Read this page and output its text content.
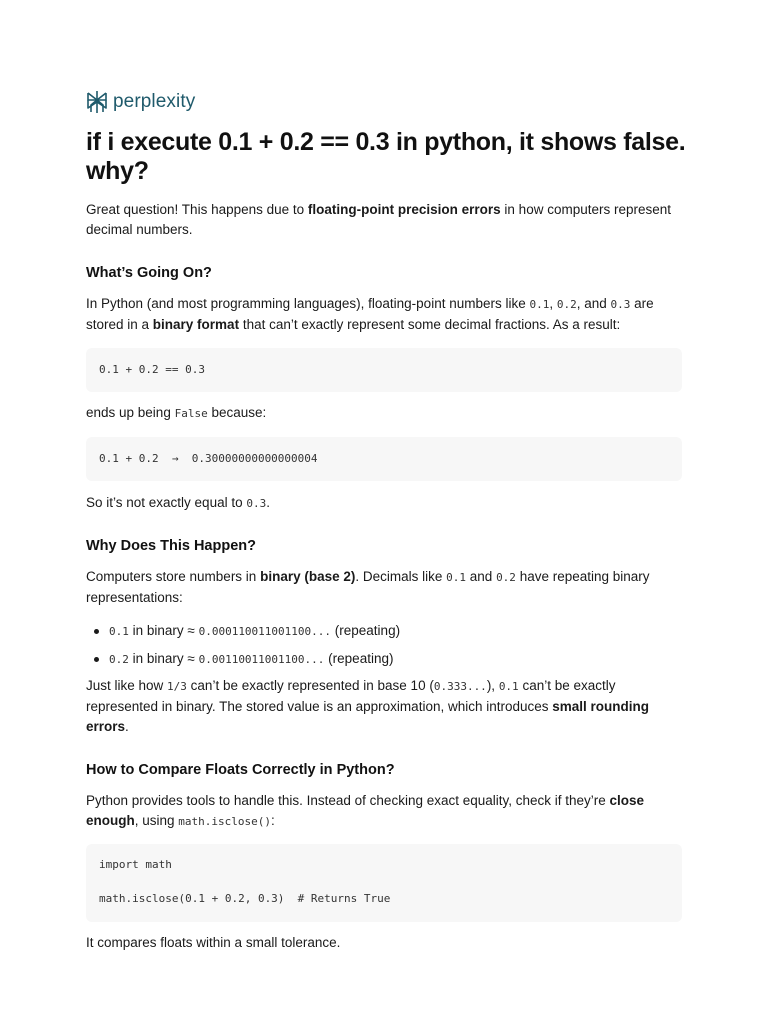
perplexity
if i execute 0.1 + 0.2 == 0.3 in python, it shows false. why?

Great question! This happens due to floating-point precision errors in how computers represent decimal numbers.

What’s Going On?

In Python (and most programming languages), floating-point numbers like 0.1, 0.2, and 0.3 are stored in a binary format that can’t exactly represent some decimal fractions. As a result:

0.1 + 0.2 == 0.3

ends up being False because:

0.1 + 0.2  →  0.30000000000000004

So it’s not exactly equal to 0.3.

Why Does This Happen?

Computers store numbers in binary (base 2). Decimals like 0.1 and 0.2 have repeating binary representations:

0.1 in binary ≈ 0.000110011001100... (repeating)

0.2 in binary ≈ 0.00110011001100... (repeating)

Just like how 1/3 can’t be exactly represented in base 10 (0.333...), 0.1 can’t be exactly represented in binary. The stored value is an approximation, which introduces small rounding errors.

How to Compare Floats Correctly in Python?

Python provides tools to handle this. Instead of checking exact equality, check if they’re close enough, using math.isclose():

import math
math.isclose(0.1 + 0.2, 0.3)  # Returns True

It compares floats within a small tolerance.
